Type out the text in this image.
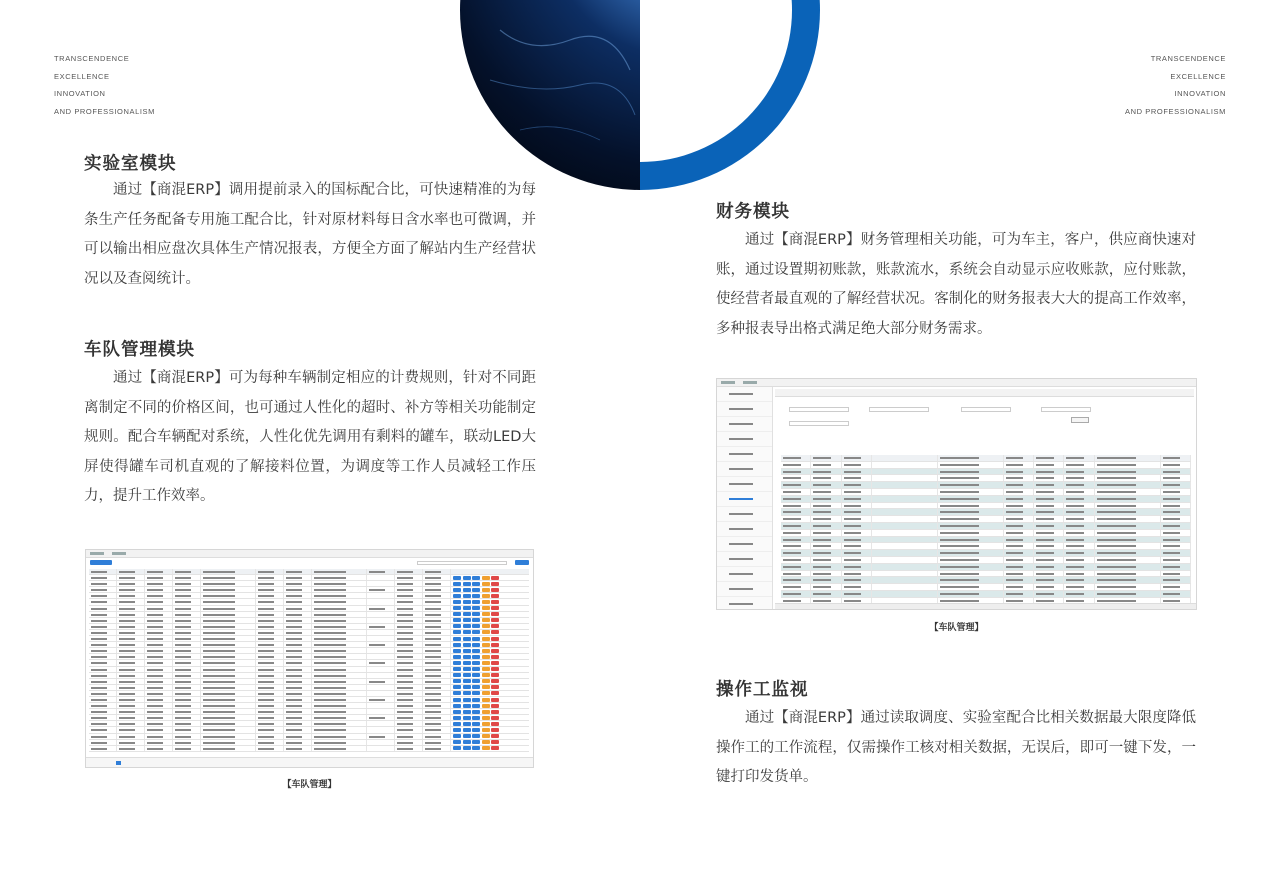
TRANSCENDENCE
EXCELLENCE
INNOVATION
AND PROFESSIONALISM
TRANSCENDENCE
EXCELLENCE
INNOVATION
AND PROFESSIONALISM
实验室模块
通过【商混ERP】调用提前录入的国标配合比，可快速精准的为每条生产任务配备专用施工配合比，针对原材料每日含水率也可微调，并可以输出相应盘次具体生产情况报表，方便全方面了解站内生产经营状况以及查阅统计。
车队管理模块
通过【商混ERP】可为每种车辆制定相应的计费规则，针对不同距离制定不同的价格区间，也可通过人性化的超时、补方等相关功能制定规则。配合车辆配对系统，人性化优先调用有剩料的罐车，联动LED大屏使得罐车司机直观的了解接料位置，为调度等工作人员减轻工作压力，提升工作效率。
【车队管理】
财务模块
通过【商混ERP】财务管理相关功能，可为车主，客户，供应商快速对账，通过设置期初账款，账款流水，系统会自动显示应收账款，应付账款，使经营者最直观的了解经营状况。客制化的财务报表大大的提高工作效率，多种报表导出格式满足绝大部分财务需求。
【车队管理】
操作工监视
通过【商混ERP】通过读取调度、实验室配合比相关数据最大限度降低操作工的工作流程，仅需操作工核对相关数据，无误后，即可一键下发，一键打印发货单。
